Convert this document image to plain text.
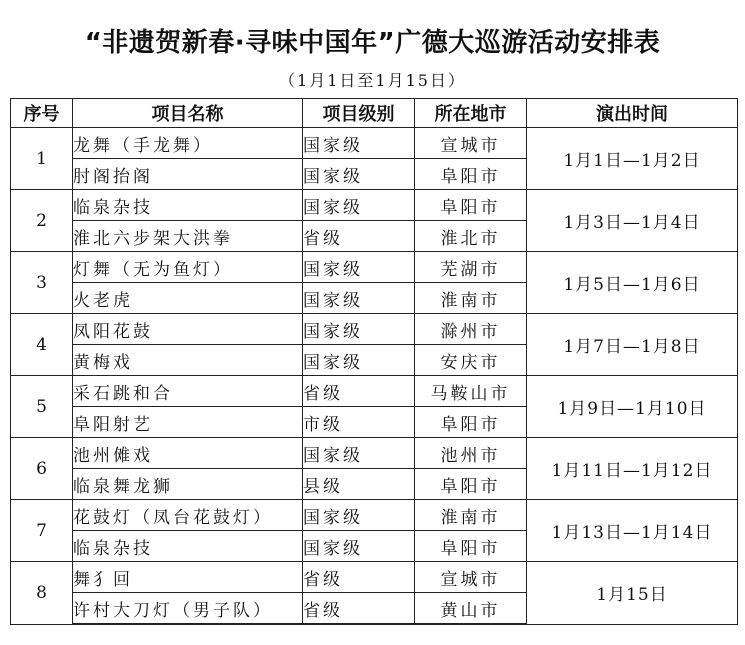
“非遗贺新春·寻味中国年”广德大巡游活动安排表
（1月1日至1月15日）
序号	项目名称	项目级别	所在地市	演出时间
1	龙舞（手龙舞）	国家级	宣城市	1月1日—1月2日
	肘阁抬阁	国家级	阜阳市	
2	临泉杂技	国家级	阜阳市	1月3日—1月4日
	淮北六步架大洪拳	省级	淮北市	
3	灯舞（无为鱼灯）	国家级	芜湖市	1月5日—1月6日
	火老虎	国家级	淮南市	
4	凤阳花鼓	国家级	滁州市	1月7日—1月8日
	黄梅戏	国家级	安庆市	
5	采石跳和合	省级	马鞍山市	1月9日—1月10日
	阜阳射艺	市级	阜阳市	
6	池州傩戏	国家级	池州市	1月11日—1月12日
	临泉舞龙狮	县级	阜阳市	
7	花鼓灯（凤台花鼓灯）	国家级	淮南市	1月13日—1月14日
	临泉杂技	国家级	阜阳市	
8	舞犭回	省级	宣城市	1月15日
	许村大刀灯（男子队）	省级	黄山市	
